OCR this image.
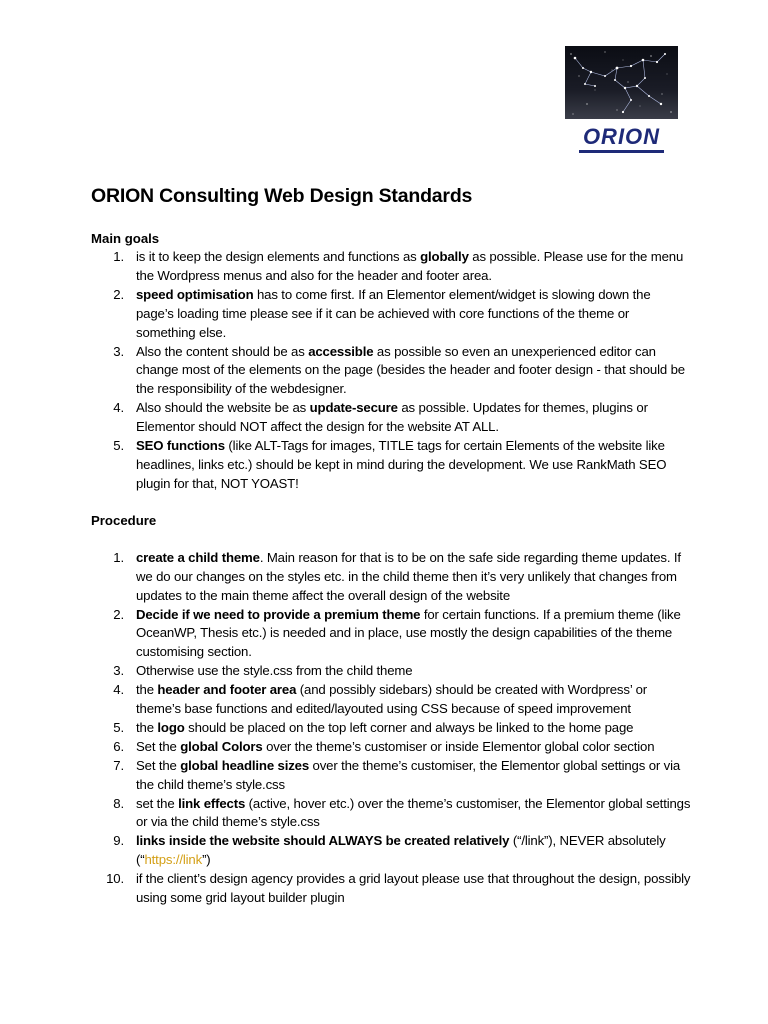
ORION
ORION Consulting Web Design Standards

Main goals

1. is it to keep the design elements and functions as globally as possible. Please use for the menu the Wordpress menus and also for the header and footer area.
2. speed optimisation has to come first. If an Elementor element/widget is slowing down the page’s loading time please see if it can be achieved with core functions of the theme or something else.
3. Also the content should be as accessible as possible so even an unexperienced editor can change most of the elements on the page (besides the header and footer design - that should be the responsibility of the webdesigner.
4. Also should the website be as update-secure as possible. Updates for themes, plugins or Elementor should NOT affect the design for the website AT ALL.
5. SEO functions (like ALT-Tags for images, TITLE tags for certain Elements of the website like headlines, links etc.) should be kept in mind during the development. We use RankMath SEO plugin for that, NOT YOAST!

Procedure

1. create a child theme. Main reason for that is to be on the safe side regarding theme updates. If we do our changes on the styles etc. in the child theme then it’s very unlikely that changes from updates to the main theme affect the overall design of the website
2. Decide if we need to provide a premium theme for certain functions. If a premium theme (like OceanWP, Thesis etc.) is needed and in place, use mostly the design capabilities of the theme customising section.
3. Otherwise use the style.css from the child theme
4. the header and footer area (and possibly sidebars) should be created with Wordpress’ or theme’s base functions and edited/layouted using CSS because of speed improvement
5. the logo should be placed on the top left corner and always be linked to the home page
6. Set the global Colors over the theme’s customiser or inside Elementor global color section
7. Set the global headline sizes over the theme’s customiser, the Elementor global settings or via the child theme’s style.css
8. set the link effects (active, hover etc.) over the theme’s customiser, the Elementor global settings or via the child theme’s style.css
9. links inside the website should ALWAYS be created relatively (“/link”), NEVER absolutely (“https://link”)
10. if the client’s design agency provides a grid layout please use that throughout the design, possibly using some grid layout builder plugin
